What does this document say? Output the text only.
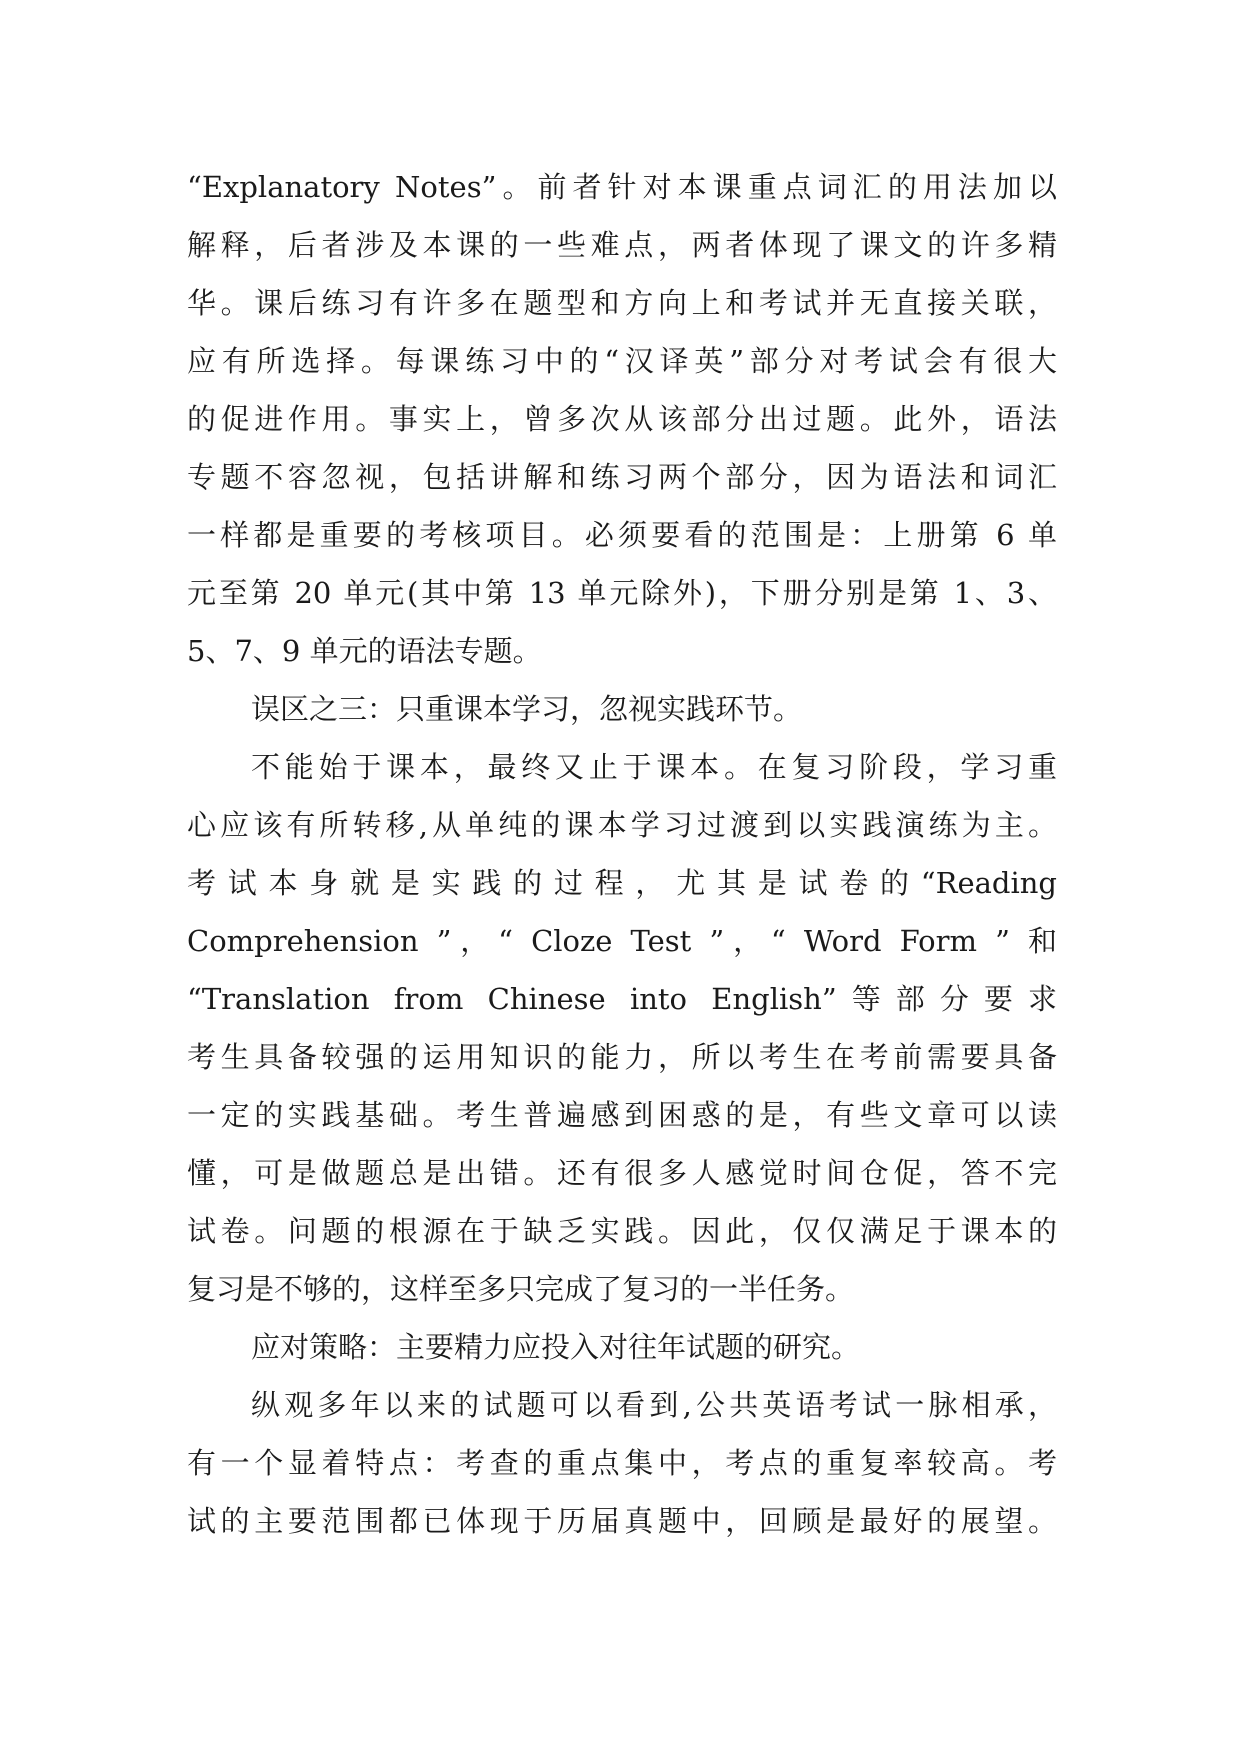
“Explanatory Notes”。前者针对本课重点词汇的用法加以
解释，后者涉及本课的一些难点，两者体现了课文的许多精
华。课后练习有许多在题型和方向上和考试并无直接关联，
应有所选择。每课练习中的“汉译英”部分对考试会有很大
的促进作用。事实上，曾多次从该部分出过题。此外，语法
专题不容忽视，包括讲解和练习两个部分，因为语法和词汇
一样都是重要的考核项目。必须要看的范围是：上册第 6 单
元至第 20 单元(其中第 13 单元除外)，下册分别是第 1、3、
5、7、9 单元的语法专题。
误区之三：只重课本学习，忽视实践环节。
不能始于课本，最终又止于课本。在复习阶段，学习重
心应该有所转移,从单纯的课本学习过渡到以实践演练为主。
考试本身就是实践的过程，尤其是试卷的“Reading
Comprehension ”，“ Cloze Test ”，“ Word Form ” 和
“Translation from Chinese into English”等部分要求
考生具备较强的运用知识的能力，所以考生在考前需要具备
一定的实践基础。考生普遍感到困惑的是，有些文章可以读
懂，可是做题总是出错。还有很多人感觉时间仓促，答不完
试卷。问题的根源在于缺乏实践。因此，仅仅满足于课本的
复习是不够的，这样至多只完成了复习的一半任务。
应对策略：主要精力应投入对往年试题的研究。
纵观多年以来的试题可以看到,公共英语考试一脉相承，
有一个显着特点：考查的重点集中，考点的重复率较高。考
试的主要范围都已体现于历届真题中，回顾是最好的展望。
